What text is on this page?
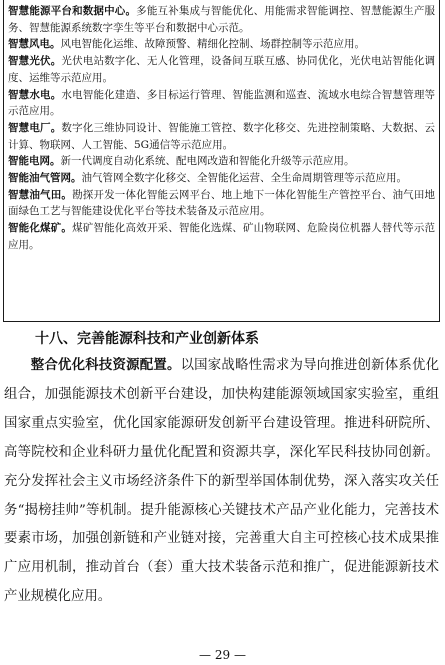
智慧能源平台和数据中心。多能互补集成与智能优化、用能需求智能调控、智慧能源生产服务、智慧能源系统数字孪生等平台和数据中心示范。

智慧风电。风电智能化运维、故障预警、精细化控制、场群控制等示范应用。

智慧光伏。光伏电站数字化、无人化管理，设备间互联互感、协同优化，光伏电站智能化调度、运维等示范应用。

智慧水电。水电智能化建造、多目标运行管理、智能监测和巡查、流域水电综合智慧管理等示范应用。

智慧电厂。数字化三维协同设计、智能施工管控、数字化移交、先进控制策略、大数据、云计算、物联网、人工智能、5G通信等示范应用。

智能电网。新一代调度自动化系统、配电网改造和智能化升级等示范应用。

智能油气管网。油气管网全数字化移交、全智能化运营、全生命周期管理等示范应用。

智慧油气田。勘探开发一体化智能云网平台、地上地下一体化智能生产管控平台、油气田地面绿色工艺与智能建设优化平台等技术装备及示范应用。

智能化煤矿。煤矿智能化高效开采、智能化选煤、矿山物联网、危险岗位机器人替代等示范应用。

十八、完善能源科技和产业创新体系

整合优化科技资源配置。以国家战略性需求为导向推进创新体系优化组合，加强能源技术创新平台建设，加快构建能源领域国家实验室，重组国家重点实验室，优化国家能源研发创新平台建设管理。推进科研院所、高等院校和企业科研力量优化配置和资源共享，深化军民科技协同创新。充分发挥社会主义市场经济条件下的新型举国体制优势，深入落实攻关任务“揭榜挂帅”等机制。提升能源核心关键技术产品产业化能力，完善技术要素市场，加强创新链和产业链对接，完善重大自主可控核心技术成果推广应用机制，推动首台（套）重大技术装备示范和推广，促进能源新技术产业规模化应用。

— 29 —
